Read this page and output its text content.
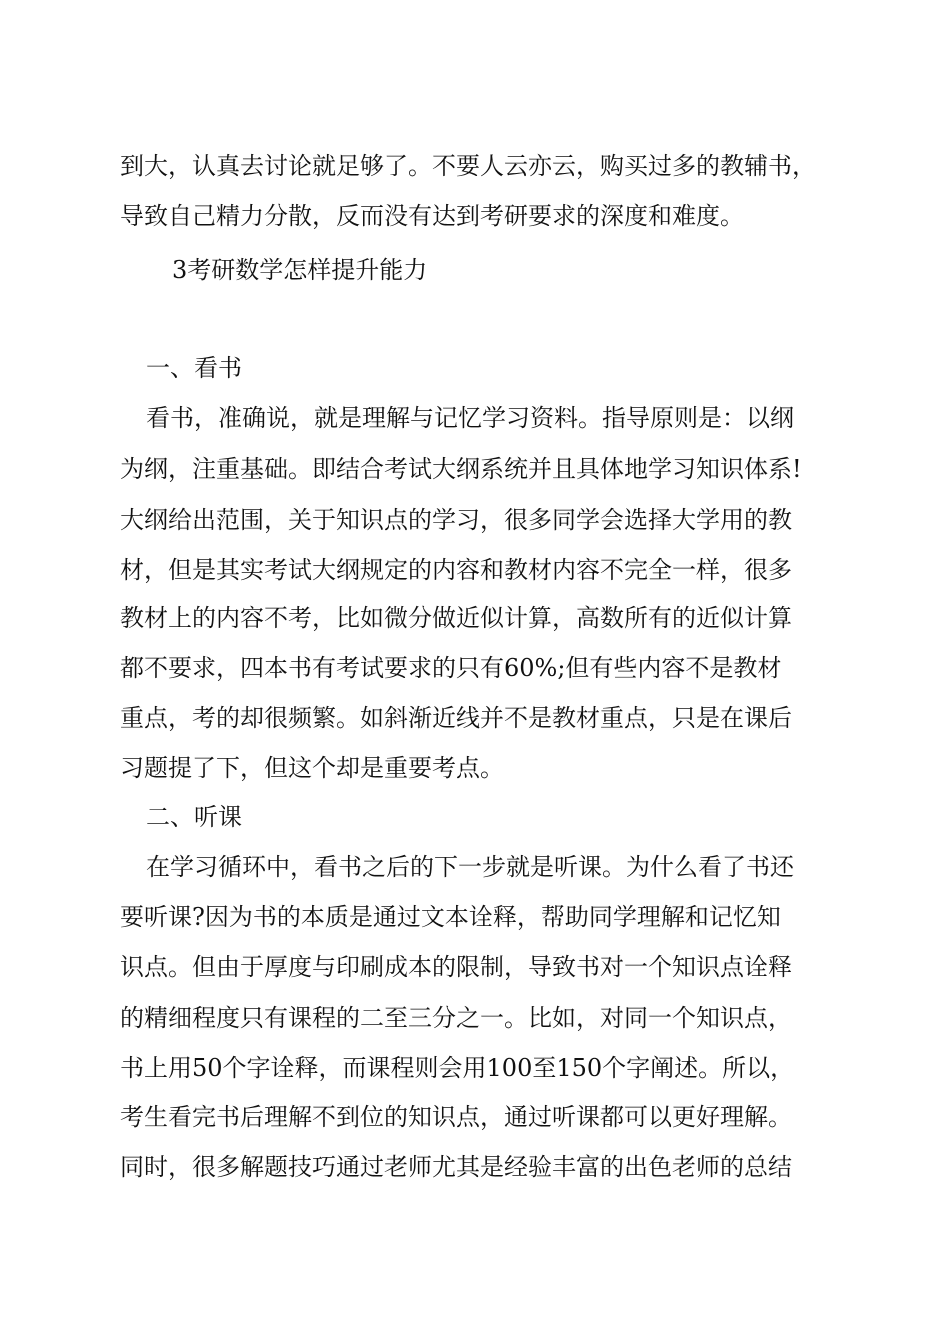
到大，认真去讨论就足够了。不要人云亦云，购买过多的教辅书，
导致自己精力分散，反而没有达到考研要求的深度和难度。
3考研数学怎样提升能力
一、看书
看书，准确说，就是理解与记忆学习资料。指导原则是：以纲
为纲，注重基础。即结合考试大纲系统并且具体地学习知识体系!
大纲给出范围，关于知识点的学习，很多同学会选择大学用的教
材，但是其实考试大纲规定的内容和教材内容不完全一样，很多
教材上的内容不考，比如微分做近似计算，高数所有的近似计算
都不要求，四本书有考试要求的只有60%;但有些内容不是教材
重点，考的却很频繁。如斜渐近线并不是教材重点，只是在课后
习题提了下，但这个却是重要考点。
二、听课
在学习循环中，看书之后的下一步就是听课。为什么看了书还
要听课?因为书的本质是通过文本诠释，帮助同学理解和记忆知
识点。但由于厚度与印刷成本的限制，导致书对一个知识点诠释
的精细程度只有课程的二至三分之一。比如，对同一个知识点，
书上用50个字诠释，而课程则会用100至150个字阐述。所以，
考生看完书后理解不到位的知识点，通过听课都可以更好理解。
同时，很多解题技巧通过老师尤其是经验丰富的出色老师的总结
